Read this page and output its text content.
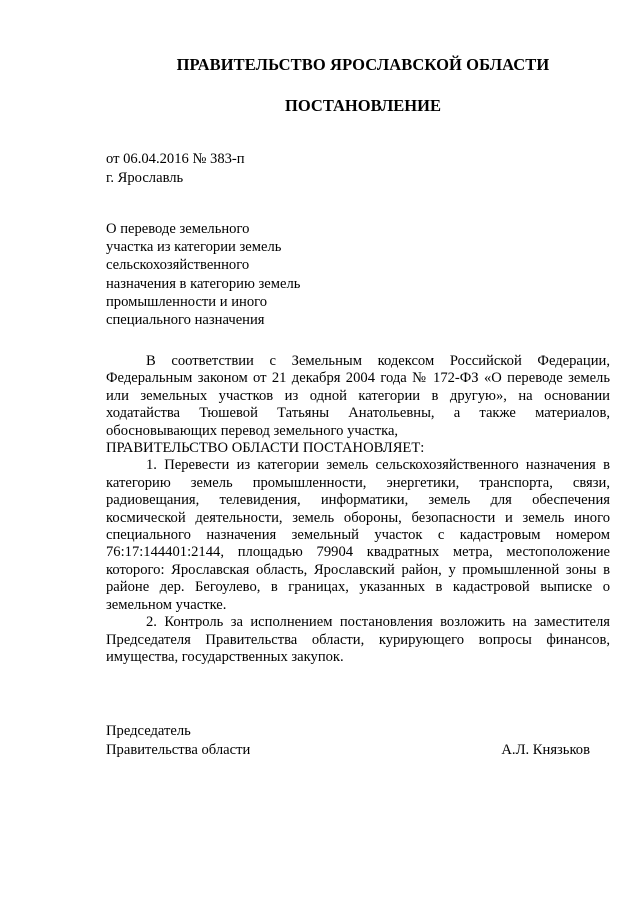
ПРАВИТЕЛЬСТВО ЯРОСЛАВСКОЙ ОБЛАСТИ
ПОСТАНОВЛЕНИЕ
от 06.04.2016 № 383-п
г. Ярославль
О переводе земельного
участка из категории земель
сельскохозяйственного
назначения в категорию земель
промышленности и иного
специального назначения

В соответствии с Земельным кодексом Российской Федерации, Федеральным законом от 21 декабря 2004 года № 172-ФЗ «О переводе земель или земельных участков из одной категории в другую», на основании ходатайства Тюшевой Татьяны Анатольевны, а также материалов, обосновывающих перевод земельного участка,

ПРАВИТЕЛЬСТВО ОБЛАСТИ ПОСТАНОВЛЯЕТ:

1. Перевести из категории земель сельскохозяйственного назначения в категорию земель промышленности, энергетики, транспорта, связи, радиовещания, телевидения, информатики, земель для обеспечения космической деятельности, земель обороны, безопасности и земель иного специального назначения земельный участок с кадастровым номером 76:17:144401:2144, площадью 79904 квадратных метра, местоположение которого: Ярославская область, Ярославский район, у промышленной зоны в районе дер. Бегоулево, в границах, указанных в кадастровой выписке о земельном участке.

2. Контроль за исполнением постановления возложить на заместителя Председателя Правительства области, курирующего вопросы финансов, имущества, государственных закупок.

Председатель
Правительства области	А.Л. Князьков
